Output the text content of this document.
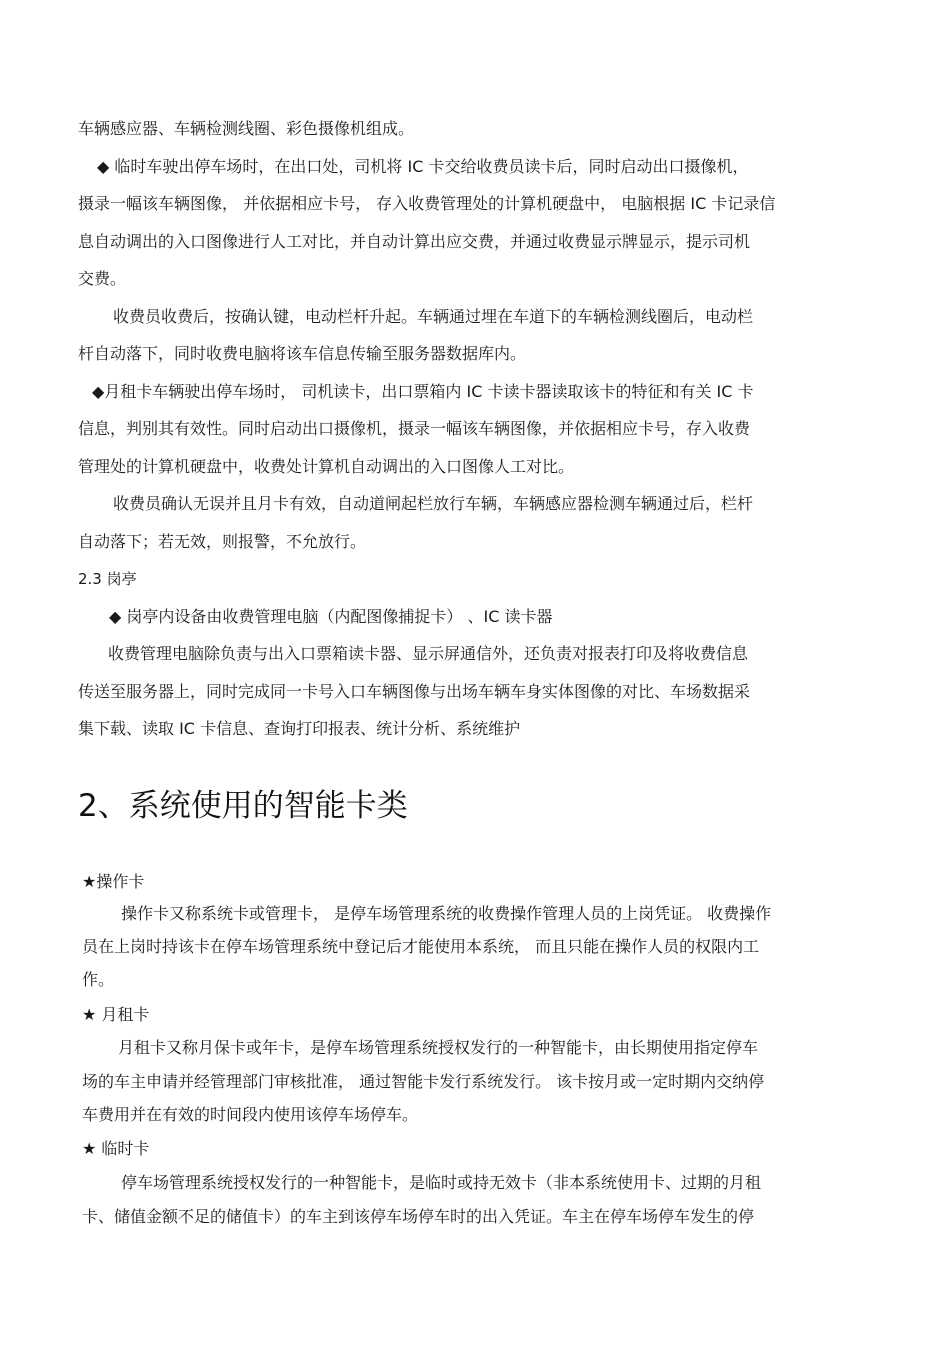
车辆感应器、车辆检测线圈、彩色摄像机组成。
◆ 临时车驶出停车场时，在出口处，司机将 IC 卡交给收费员读卡后，同时启动出口摄像机，
摄录一幅该车辆图像， 并依据相应卡号， 存入收费管理处的计算机硬盘中， 电脑根据 IC 卡记录信
息自动调出的入口图像进行人工对比，并自动计算出应交费，并通过收费显示牌显示，提示司机
交费。
收费员收费后，按确认键，电动栏杆升起。车辆通过埋在车道下的车辆检测线圈后，电动栏
杆自动落下，同时收费电脑将该车信息传输至服务器数据库内。
◆月租卡车辆驶出停车场时， 司机读卡，出口票箱内 IC 卡读卡器读取该卡的特征和有关 IC 卡
信息，判别其有效性。同时启动出口摄像机，摄录一幅该车辆图像，并依据相应卡号，存入收费
管理处的计算机硬盘中，收费处计算机自动调出的入口图像人工对比。
收费员确认无误并且月卡有效，自动道闸起栏放行车辆，车辆感应器检测车辆通过后，栏杆
自动落下；若无效，则报警，不允放行。
2.3 岗亭
◆ 岗亭内设备由收费管理电脑（内配图像捕捉卡） 、IC 读卡器
收费管理电脑除负责与出入口票箱读卡器、显示屏通信外，还负责对报表打印及将收费信息
传送至服务器上，同时完成同一卡号入口车辆图像与出场车辆车身实体图像的对比、车场数据采
集下载、读取 IC 卡信息、查询打印报表、统计分析、系统维护
2、系统使用的智能卡类
★操作卡
操作卡又称系统卡或管理卡， 是停车场管理系统的收费操作管理人员的上岗凭证。 收费操作
员在上岗时持该卡在停车场管理系统中登记后才能使用本系统， 而且只能在操作人员的权限内工
作。
★ 月租卡
月租卡又称月保卡或年卡，是停车场管理系统授权发行的一种智能卡，由长期使用指定停车
场的车主申请并经管理部门审核批准， 通过智能卡发行系统发行。 该卡按月或一定时期内交纳停
车费用并在有效的时间段内使用该停车场停车。
★ 临时卡
停车场管理系统授权发行的一种智能卡，是临时或持无效卡（非本系统使用卡、过期的月租
卡、储值金额不足的储值卡）的车主到该停车场停车时的出入凭证。车主在停车场停车发生的停
